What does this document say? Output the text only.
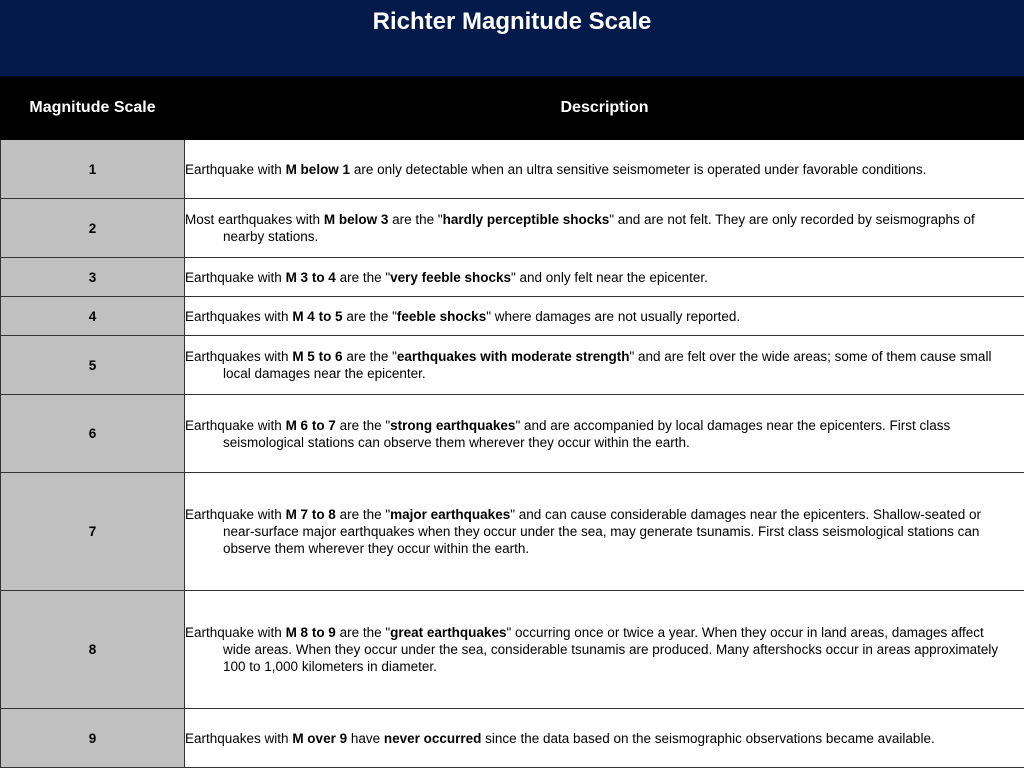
Richter Magnitude Scale
Magnitude Scale	Description
1	Earthquake with M below 1 are only detectable when an ultra sensitive seismometer is operated under favorable conditions.

2	Most earthquakes with M below 3 are the "hardly perceptible shocks" and are not felt. They are only recorded by seismographs of nearby stations.

3	Earthquake with M 3 to 4 are the "very feeble shocks" and only felt near the epicenter.

4	Earthquakes with M 4 to 5 are the "feeble shocks" where damages are not usually reported.

5	Earthquakes with M 5 to 6 are the "earthquakes with moderate strength" and are felt over the wide areas; some of them cause small local damages near the epicenter.

6	Earthquake with M 6 to 7 are the "strong earthquakes" and are accompanied by local damages near the epicenters. First class seismological stations can observe them wherever they occur within the earth.

7	Earthquake with M 7 to 8 are the "major earthquakes" and can cause considerable damages near the epicenters. Shallow-seated or near-surface major earthquakes when they occur under the sea, may generate tsunamis. First class seismological stations can observe them wherever they occur within the earth.

8	Earthquake with M 8 to 9 are the "great earthquakes" occurring once or twice a year. When they occur in land areas, damages affect wide areas. When they occur under the sea, considerable tsunamis are produced. Many aftershocks occur in areas approximately 100 to 1,000 kilometers in diameter.

9	Earthquakes with M over 9 have never occurred since the data based on the seismographic observations became available.
